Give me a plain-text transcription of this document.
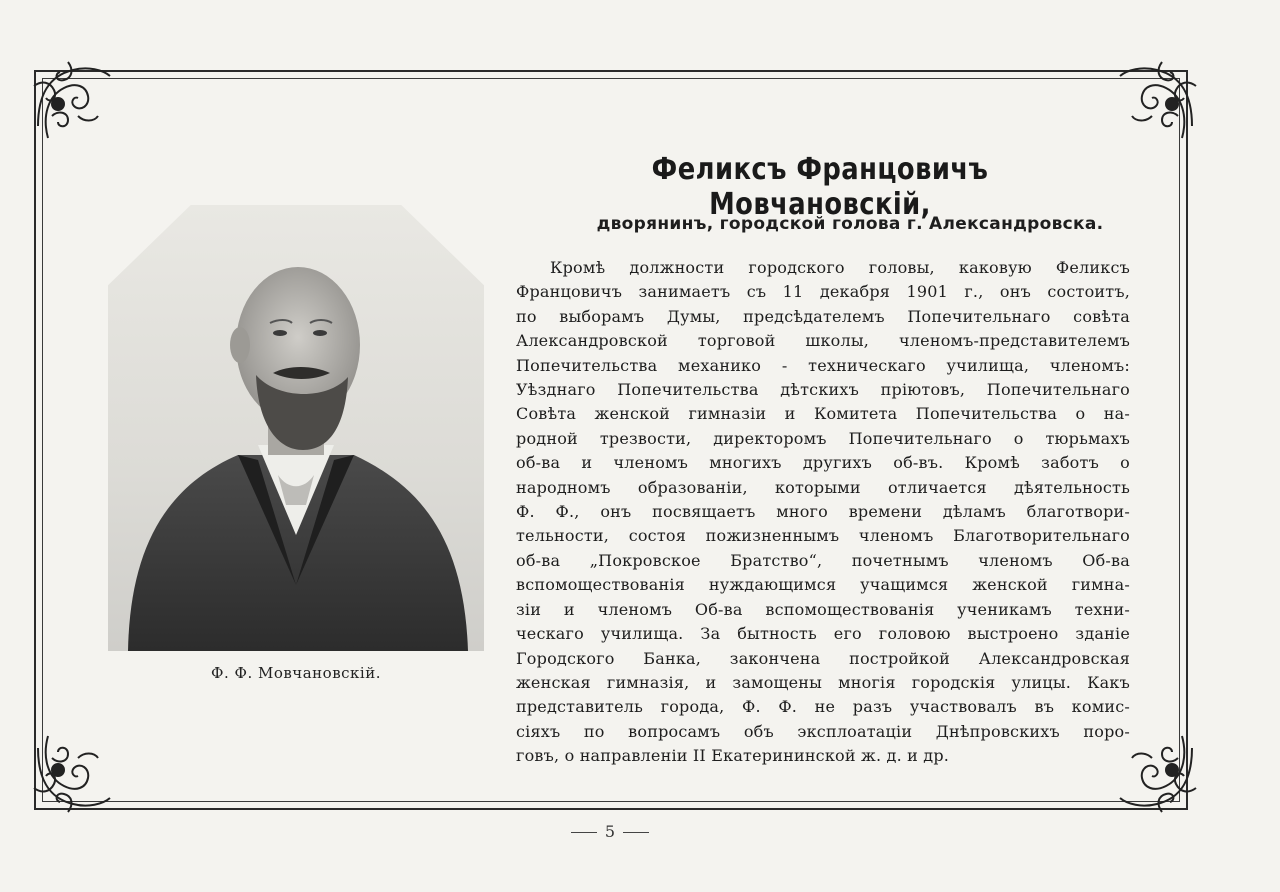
Ф. Ф. Мовчановскій.
Феликсъ Францовичъ Мовчановскій,
дворянинъ, городской голова г. Александровска.
Кромѣ должности городского головы, каковую Феликсъ
Францовичъ занимаетъ съ 11 декабря 1901 г., онъ состоитъ,
по выборамъ Думы, предсѣдателемъ Попечительнаго совѣта
Александровской торговой школы, членомъ-представителемъ
Попечительства механико - техническаго училища, членомъ:
Уѣзднаго Попечительства дѣтскихъ пріютовъ, Попечительнаго
Совѣта женской гимназіи и Комитета Попечительства о на-
родной трезвости, директоромъ Попечительнаго о тюрьмахъ
об-ва и членомъ многихъ другихъ об-въ. Кромѣ заботъ о
народномъ образованіи, которыми отличается дѣятельность
Ф. Ф., онъ посвящаетъ много времени дѣламъ благотвори-
тельности, состоя пожизненнымъ членомъ Благотворительнаго
об-ва „Покровское Братство“, почетнымъ членомъ Об-ва
вспомоществованія нуждающимся учащимся женской гимна-
зіи и членомъ Об-ва вспомоществованія ученикамъ техни-
ческаго училища. За бытность его головою выстроено зданіе
Городского Банка, закончена постройкой Александровская
женская гимназія, и замощены многія городскія улицы. Какъ
представитель города, Ф. Ф. не разъ участвовалъ въ комис-
сіяхъ по вопросамъ объ эксплоатаціи Днѣпровскихъ поро-
говъ, о направленіи II Екатерининской ж. д. и др.
5
